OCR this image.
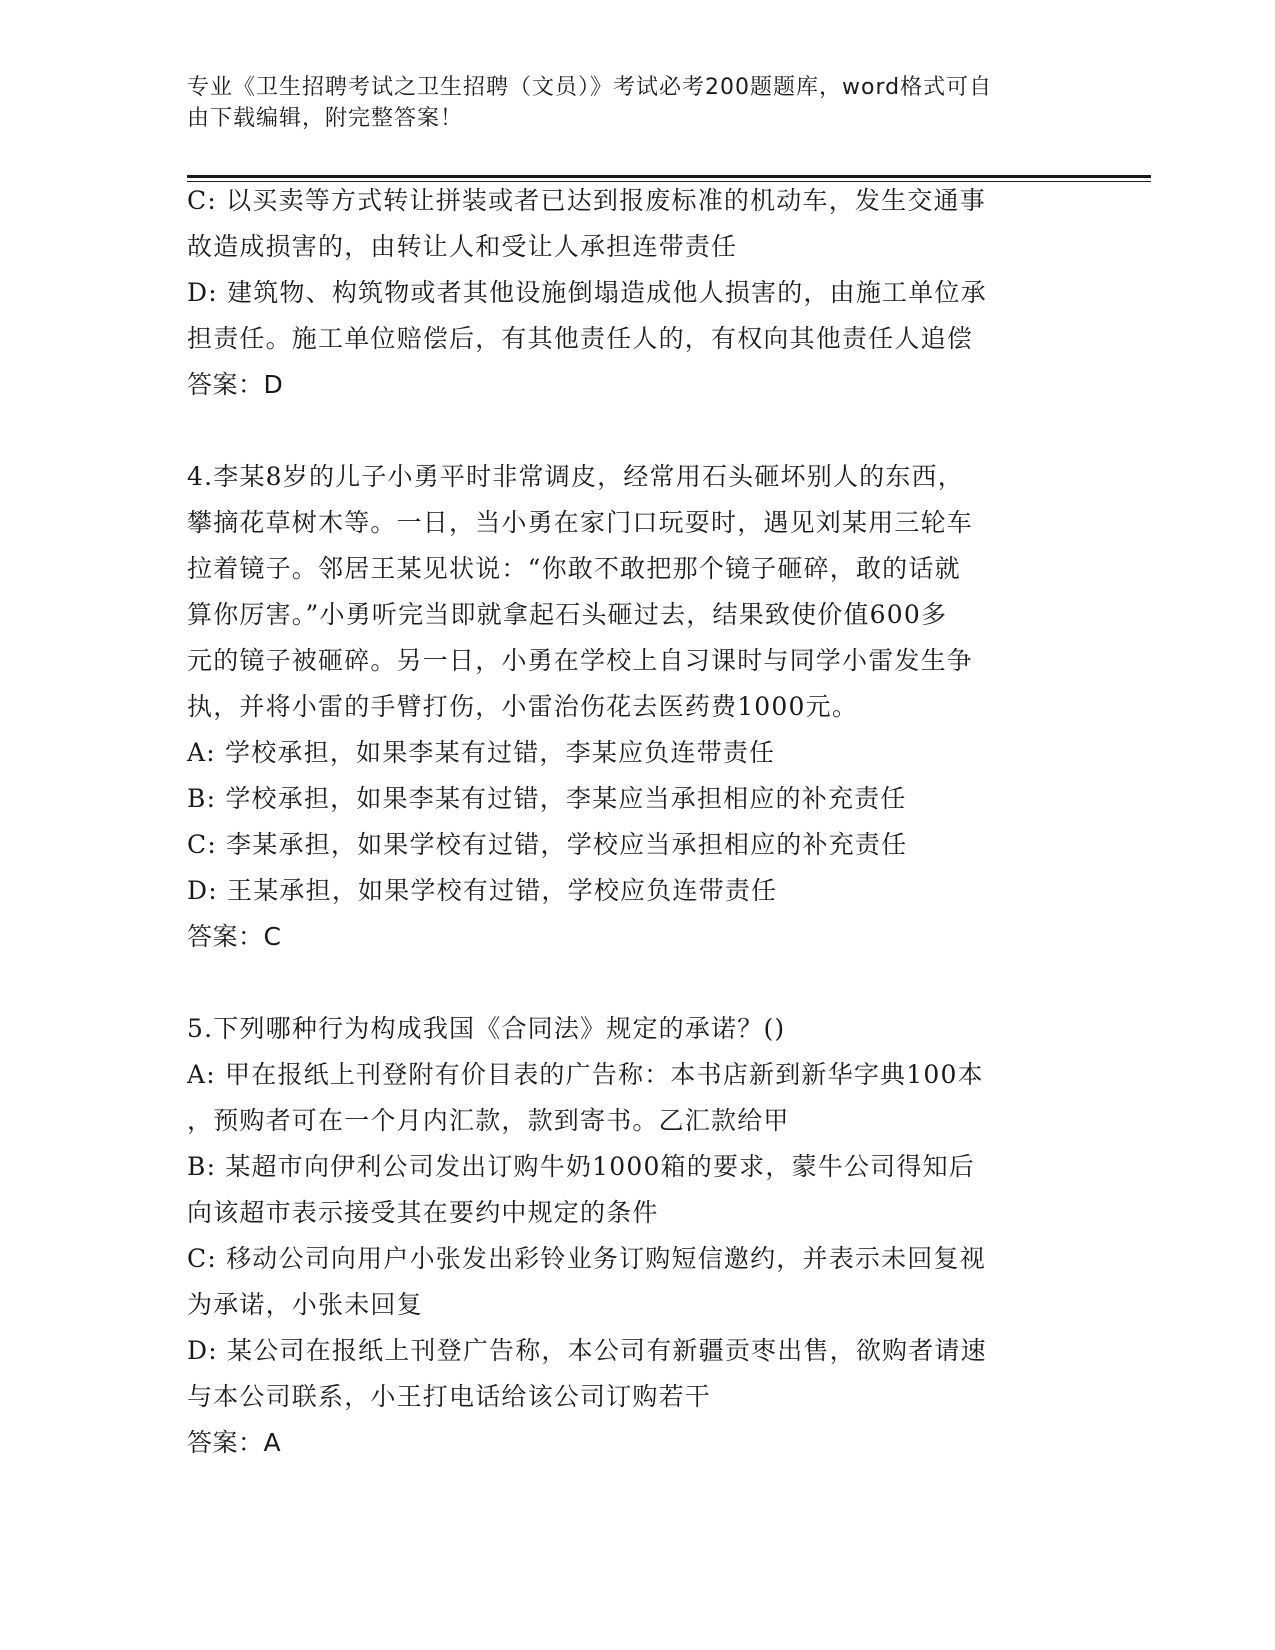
专业《卫生招聘考试之卫生招聘（文员）》考试必考200题题库，word格式可自
由下载编辑，附完整答案！
C: 以买卖等方式转让拼装或者已达到报废标准的机动车，发生交通事
故造成损害的，由转让人和受让人承担连带责任
D: 建筑物、构筑物或者其他设施倒塌造成他人损害的，由施工单位承
担责任。施工单位赔偿后，有其他责任人的，有权向其他责任人追偿
答案：D
4.李某8岁的儿子小勇平时非常调皮，经常用石头砸坏别人的东西，
攀摘花草树木等。一日，当小勇在家门口玩耍时，遇见刘某用三轮车
拉着镜子。邻居王某见状说：“你敢不敢把那个镜子砸碎，敢的话就
算你厉害。”小勇听完当即就拿起石头砸过去，结果致使价值600多
元的镜子被砸碎。另一日，小勇在学校上自习课时与同学小雷发生争
执，并将小雷的手臂打伤，小雷治伤花去医药费1000元。
A: 学校承担，如果李某有过错，李某应负连带责任
B: 学校承担，如果李某有过错，李某应当承担相应的补充责任
C: 李某承担，如果学校有过错，学校应当承担相应的补充责任
D: 王某承担，如果学校有过错，学校应负连带责任
答案：C
5.下列哪种行为构成我国《合同法》规定的承诺？()
A: 甲在报纸上刊登附有价目表的广告称：本书店新到新华字典100本
，预购者可在一个月内汇款，款到寄书。乙汇款给甲
B: 某超市向伊利公司发出订购牛奶1000箱的要求，蒙牛公司得知后
向该超市表示接受其在要约中规定的条件
C: 移动公司向用户小张发出彩铃业务订购短信邀约，并表示未回复视
为承诺，小张未回复
D: 某公司在报纸上刊登广告称，本公司有新疆贡枣出售，欲购者请速
与本公司联系，小王打电话给该公司订购若干
答案：A
